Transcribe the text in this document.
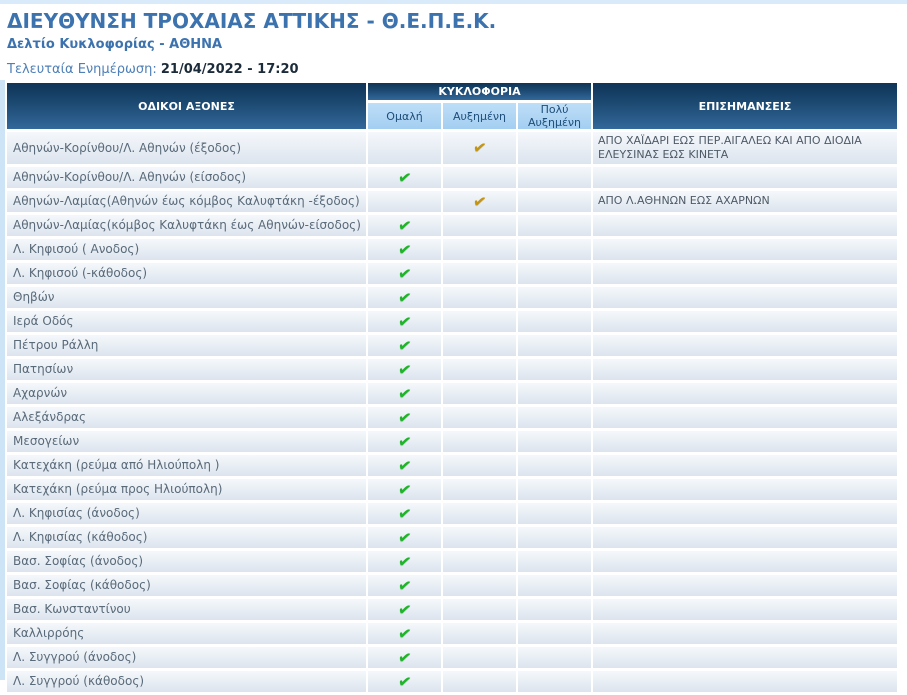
ΔΙΕΥΘΥΝΣΗ ΤΡΟΧΑΙΑΣ ΑΤΤΙΚΗΣ - Θ.Ε.Π.Ε.Κ.
Δελτίο Κυκλοφορίας - ΑΘΗΝΑ
Τελευταία Ενημέρωση: 21/04/2022 - 17:20
ΟΔΙΚΟΙ ΑΞΟΝΕΣ	ΚΥΚΛΟΦΟΡΙΑ			ΕΠΙΣΗΜΑΝΣΕΙΣ
	Ομαλή	Αυξημένη	Πολύ Αυξημένη	
Αθηνών-Κορίνθου/Λ. Αθηνών (έξοδος)		✔		ΑΠΟ ΧΑΪΔΑΡΙ ΕΩΣ ΠΕΡ.ΑΙΓΑΛΕΩ ΚΑΙ ΑΠΟ ΔΙΟΔΙΑ ΕΛΕΥΣΙΝΑΣ ΕΩΣ ΚΙΝΕΤΑ
Αθηνών-Κορίνθου/Λ. Αθηνών (είσοδος)	✔			
Αθηνών-Λαμίας(Αθηνών έως κόμβος Καλυφτάκη -έξοδος)		✔		ΑΠΟ Λ.ΑΘΗΝΩΝ ΕΩΣ ΑΧΑΡΝΩΝ
Αθηνών-Λαμίας(κόμβος Καλυφτάκη έως Αθηνών-είσοδος)	✔			
Λ. Κηφισού ( Ανοδος)	✔			
Λ. Κηφισού (-κάθοδος)	✔			
Θηβών	✔			
Ιερά Οδός	✔			
Πέτρου Ράλλη	✔			
Πατησίων	✔			
Αχαρνών	✔			
Αλεξάνδρας	✔			
Μεσογείων	✔			
Κατεχάκη (ρεύμα από Ηλιούπολη )	✔			
Κατεχάκη (ρεύμα προς Ηλιούπολη)	✔			
Λ. Κηφισίας (άνοδος)	✔			
Λ. Κηφισίας (κάθοδος)	✔			
Βασ. Σοφίας (άνοδος)	✔			
Βασ. Σοφίας (κάθοδος)	✔			
Βασ. Κωνσταντίνου	✔			
Καλλιρρόης	✔			
Λ. Συγγρού (άνοδος)	✔			
Λ. Συγγρού (κάθοδος)	✔			
